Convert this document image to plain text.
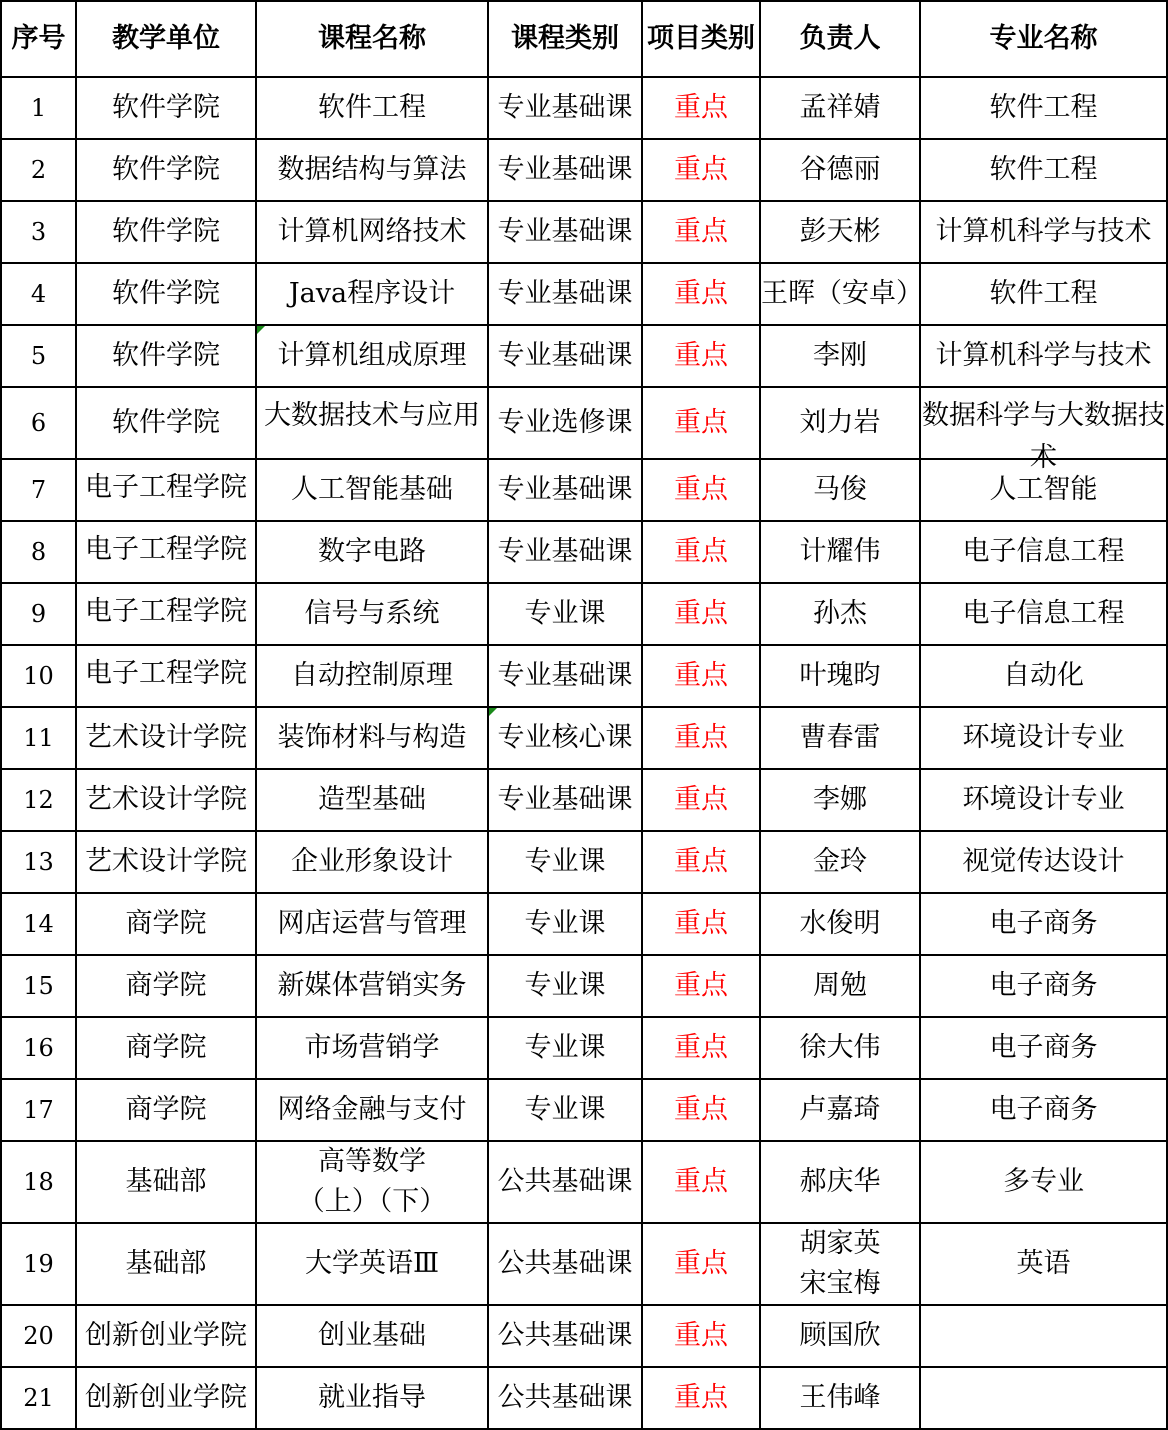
序号	教学单位	课程名称	课程类别	项目类别	负责人	专业名称
1	软件学院	软件工程	专业基础课	重点	孟祥婧	软件工程
2	软件学院	数据结构与算法	专业基础课	重点	谷德丽	软件工程
3	软件学院	计算机网络技术	专业基础课	重点	彭天彬	计算机科学与技术
4	软件学院	Java程序设计	专业基础课	重点	王晖（安卓）	软件工程
5	软件学院	计算机组成原理	专业基础课	重点	李刚	计算机科学与技术
6	软件学院	大数据技术与应用	专业选修课	重点	刘力岩	数据科学与大数据技术

7	电子工程学院	人工智能基础	专业基础课	重点	马俊	人工智能
8	电子工程学院	数字电路	专业基础课	重点	计耀伟	电子信息工程
9	电子工程学院	信号与系统	专业课	重点	孙杰	电子信息工程
10	电子工程学院	自动控制原理	专业基础课	重点	叶瑰昀	自动化
11	艺术设计学院	装饰材料与构造	专业核心课	重点	曹春雷	环境设计专业
12	艺术设计学院	造型基础	专业基础课	重点	李娜	环境设计专业
13	艺术设计学院	企业形象设计	专业课	重点	金玲	视觉传达设计
14	商学院	网店运营与管理	专业课	重点	水俊明	电子商务
15	商学院	新媒体营销实务	专业课	重点	周勉	电子商务
16	商学院	市场营销学	专业课	重点	徐大伟	电子商务
17	商学院	网络金融与支付	专业课	重点	卢嘉琦	电子商务
18	基础部	高等数学（上）（下）	公共基础课	重点	郝庆华	多专业
19	基础部	大学英语Ⅲ	公共基础课	重点	胡家英宋宝梅	英语
20	创新创业学院	创业基础	公共基础课	重点	顾国欣	
21	创新创业学院	就业指导	公共基础课	重点	王伟峰	
